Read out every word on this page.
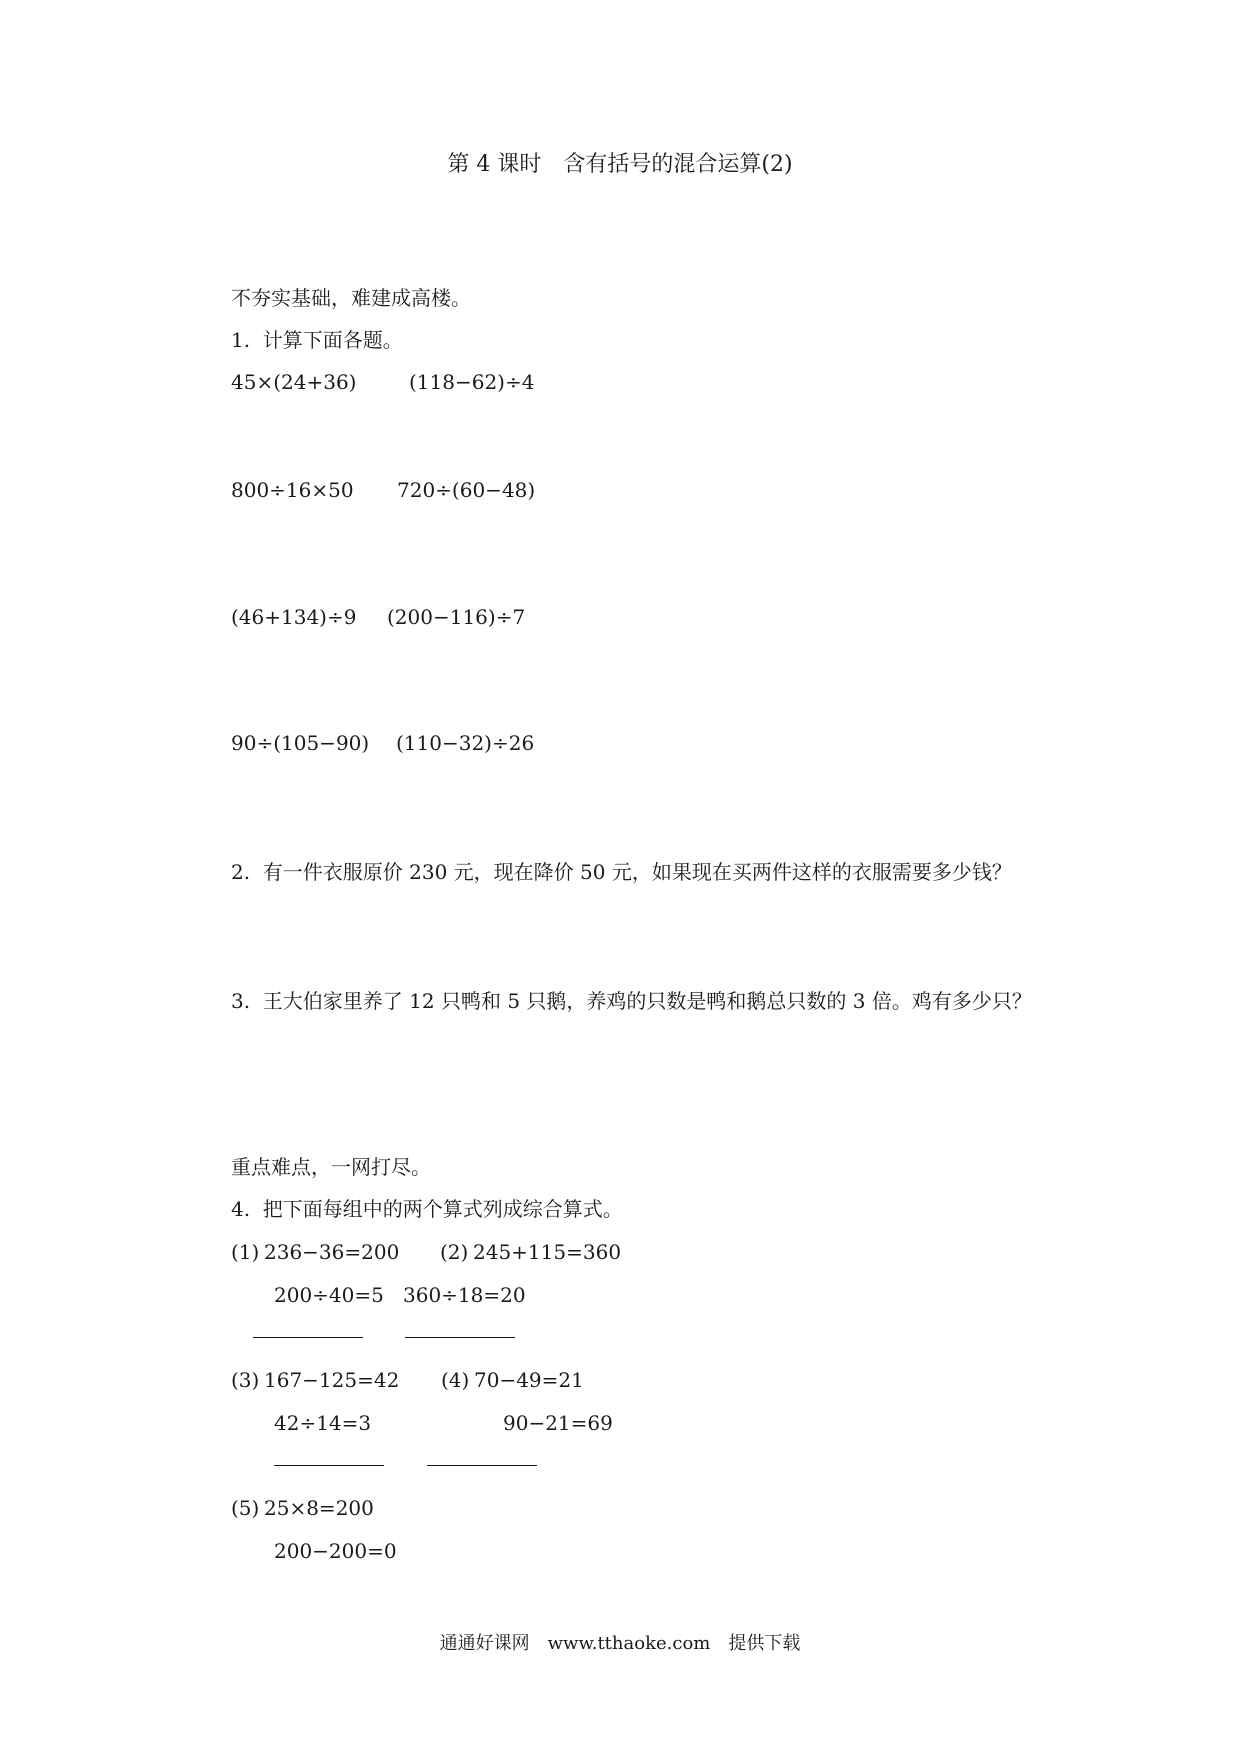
第 4 课时　含有括号的混合运算(2)
不夯实基础，难建成高楼。
1.  计算下面各题。
45×(24+36)	(118−62)÷4
800÷16×50 720÷(60−48)
(46+134)÷9 (200−116)÷7
90÷(105−90) (110−32)÷26
2.  有一件衣服原价 230 元，现在降价 50 元，如果现在买两件这样的衣服需要多少钱？
3.  王大伯家里养了 12 只鸭和 5 只鹅，养鸡的只数是鸭和鹅总只数的 3 倍。鸡有多少只？
重点难点，一网打尽。
4.  把下面每组中的两个算式列成综合算式。
(1) 236−36=200 (2) 245+115=360
200÷40=5 360÷18=20
(3) 167−125=42 (4) 70−49=21
42÷14=3	90−21=69
(5) 25×8=200
200−200=0
通通好课网　www.tthaoke.com　提供下载
